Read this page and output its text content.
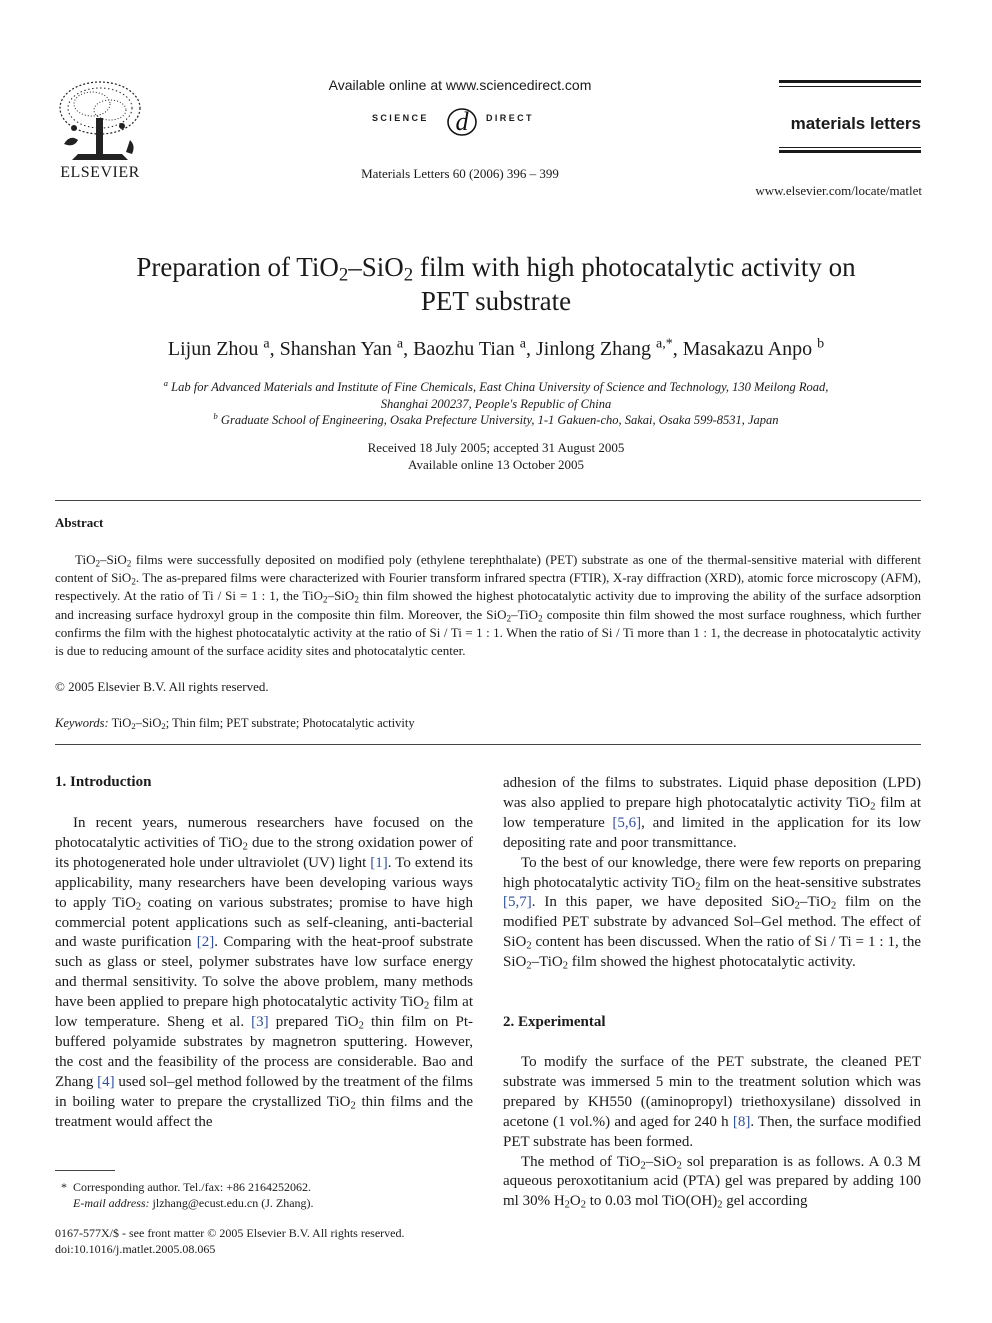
ELSEVIER
Available online at www.sciencedirect.com
SCIENCE d DIRECT
Materials Letters 60 (2006) 396 – 399
materials letters
www.elsevier.com/locate/matlet
Preparation of TiO$_2$–SiO$_2$ film with high photocatalytic activity on
PET substrate
Lijun Zhou $^a$, Shanshan Yan $^a$, Baozhu Tian $^a$, Jinlong Zhang $^{a,*}$, Masakazu Anpo $^b$
$^a$ Lab for Advanced Materials and Institute of Fine Chemicals, East China University of Science and Technology, 130 Meilong Road,
Shanghai 200237, People's Republic of China
$^b$ Graduate School of Engineering, Osaka Prefecture University, 1-1 Gakuen-cho, Sakai, Osaka 599-8531, Japan
Received 18 July 2005; accepted 31 August 2005
Available online 13 October 2005
Abstract
TiO$_2$–SiO$_2$ films were successfully deposited on modified poly (ethylene terephthalate) (PET) substrate as one of the thermal-sensitive material with different content of SiO$_2$. The as-prepared films were characterized with Fourier transform infrared spectra (FTIR), X-ray diffraction (XRD), atomic force microscopy (AFM), respectively. At the ratio of Ti / Si = 1 : 1, the TiO$_2$–SiO$_2$ thin film showed the highest photocatalytic activity due to improving the ability of the surface adsorption and increasing surface hydroxyl group in the composite thin film. Moreover, the SiO$_2$–TiO$_2$ composite thin film showed the most surface roughness, which further confirms the film with the highest photocatalytic activity at the ratio of Si / Ti = 1 : 1. When the ratio of Si / Ti more than 1 : 1, the decrease in photocatalytic activity is due to reducing amount of the surface acidity sites and photocatalytic center.
© 2005 Elsevier B.V. All rights reserved.
Keywords: TiO$_2$–SiO$_2$; Thin film; PET substrate; Photocatalytic activity
1. Introduction

In recent years, numerous researchers have focused on the photocatalytic activities of TiO$_2$ due to the strong oxidation power of its photogenerated hole under ultraviolet (UV) light [1]. To extend its applicability, many researchers have been developing various ways to apply TiO$_2$ coating on various substrates; promise to have high commercial potent applications such as self-cleaning, anti-bacterial and waste purification [2]. Comparing with the heat-proof substrate such as glass or steel, polymer substrates have low surface energy and thermal sensitivity. To solve the above problem, many methods have been applied to prepare high photocatalytic activity TiO$_2$ film at low temperature. Sheng et al. [3] prepared TiO$_2$ thin film on Pt-buffered polyamide substrates by magnetron sputtering. However, the cost and the feasibility of the process are considerable. Bao and Zhang [4] used sol–gel method followed by the treatment of the films in boiling water to prepare the crystallized TiO$_2$ thin films and the treatment would affect the

adhesion of the films to substrates. Liquid phase deposition (LPD) was also applied to prepare high photocatalytic activity TiO$_2$ film at low temperature [5,6], and limited in the application for its low depositing rate and poor transmittance.

To the best of our knowledge, there were few reports on preparing high photocatalytic activity TiO$_2$ film on the heat-sensitive substrates [5,7]. In this paper, we have deposited SiO$_2$–TiO$_2$ film on the modified PET substrate by advanced Sol–Gel method. The effect of SiO$_2$ content has been discussed. When the ratio of Si / Ti = 1 : 1, the SiO$_2$–TiO$_2$ film showed the highest photocatalytic activity.

2. Experimental

To modify the surface of the PET substrate, the cleaned PET substrate was immersed 5 min to the treatment solution which was prepared by KH550 ((aminopropyl) triethoxysilane) dissolved in acetone (1 vol.%) and aged for 240 h [8]. Then, the surface modified PET substrate has been formed.

The method of TiO$_2$–SiO$_2$ sol preparation is as follows. A 0.3 M aqueous peroxotitanium acid (PTA) gel was prepared by adding 100 ml 30% $H_2O_2$ to 0.03 mol $TiO(OH)_2$ gel according

* Corresponding author. Tel./fax: +86 2164252062.
E-mail address: jlzhang@ecust.edu.cn (J. Zhang).
0167-577X/$ - see front matter © 2005 Elsevier B.V. All rights reserved.
doi:10.1016/j.matlet.2005.08.065
